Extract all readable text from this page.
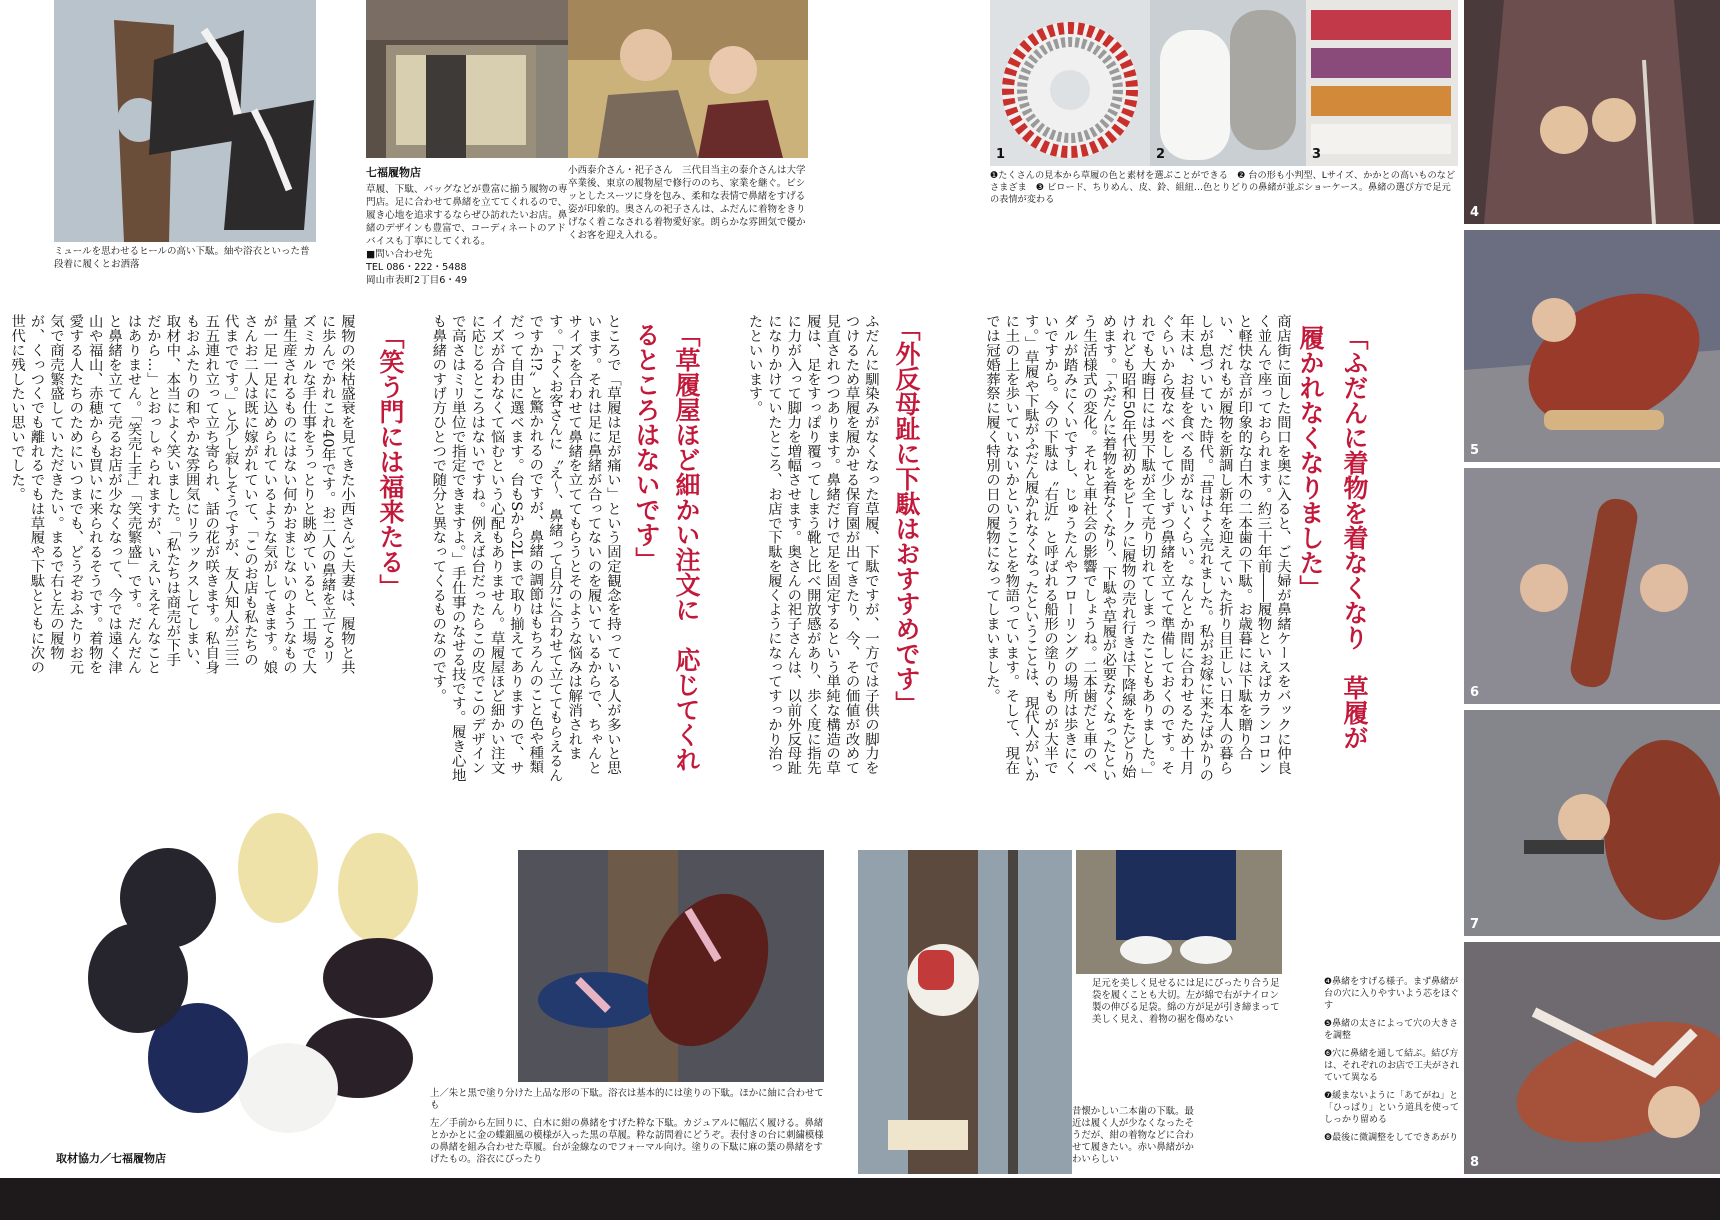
ミュールを思わせるヒールの高い下駄。紬や浴衣といった普段着に履くとお洒落
七福履物店
草履、下駄、バッグなどが豊富に揃う履物の専門店。足に合わせて鼻緒を立ててくれるので、履き心地を追求するならぜひ訪れたいお店。鼻緒のデザインも豊富で、コーディネートのアドバイスも丁寧にしてくれる。
■問い合わせ先
TEL 086・222・5488
岡山市表町2丁目6・49
小西泰介さん・祀子さん　三代目当主の泰介さんは大学卒業後、東京の履物屋で修行ののち、家業を継ぐ。ビシッとしたスーツに身を包み、柔和な表情で鼻緒をすげる姿が印象的。奥さんの祀子さんは、ふだんに着物をきりげなく着こなされる着物愛好家。朗らかな雰囲気で優かくお客を迎え入れる。
1	2	3
❶たくさんの見本から草履の色と素材を選ぶことができる　❷ 台の形も小判型、Lサイズ、かかとの高いものなどさまざま　❸ ビロード、ちりめん、皮、鈴、組紐…色とりどりの鼻緒が並ぶショーケース。鼻緒の選び方で足元の表情が変わる
4
5
6
7
8
❹鼻緒をすげる様子。まず鼻緒が台の穴に入りやすいよう芯をほぐす
❺鼻緒の太さによって穴の大きさを調整
❻穴に鼻緒を通して結ぶ。結び方は、それぞれのお店で工夫がされていて異なる
❼緩まないように「あてがね」と「ひっぱり」という道具を使ってしっかり留める
❽最後に微調整をしてできあがり
「ふだんに着物を着なくなり　草履が履かれなくなりました」
商店街に面した間口を奥に入ると、ご夫婦が鼻緒ケースをバックに仲良く並んで座っておられます。約三十年前――履物といえばカランコロンと軽快な音が印象的な白木の二本歯の下駄。お歳暮には下駄を贈り合い、だれもが履物を新調し新年を迎えていた折り目正しい日本人の暮らしが息づいていた時代。「昔はよく売れました。私がお嫁に来たばかりの年末は、お昼を食べる間がないくらい。なんとか間に合わせるため十月ぐらいから夜なべをして少しずつ鼻緒を立てて準備しておくのです。それでも大晦日には男下駄が全て売り切れてしまったこともありました。」けれども昭和50年代初めをピークに履物の売れ行きは下降線をたどり始めます。「ふだんに着物を着なくなり、下駄や草履が必要なくなったという生活様式の変化。それと車社会の影響でしょうね。二本歯だと車のペダルが踏みにくいですし、じゅうたんやフローリングの場所は歩きにくいですから。今の下駄は〝右近〟と呼ばれる船形の塗りのものが大半です。」草履や下駄がふだん履かれなくなったということは、現代人がいかに土の上を歩いていないかということを物語っています。そして、現在では冠婚葬祭に履く特別の日の履物になってしまいました。
「外反母趾に下駄はおすすめです」
ふだんに馴染みがなくなった草履、下駄ですが、一方では子供の脚力をつけるため草履を履かせる保育園が出てきたり、今、その価値が改めて見直されつつあります。鼻緒だけで足を固定するという単純な構造の草履は、足をすっぽり覆ってしまう靴と比べ開放感があり、歩く度に指先に力が入って脚力を増幅させます。奥さんの祀子さんは、以前外反母趾になりかけていたところ、お店で下駄を履くようになってすっかり治ったといいます。
「草履屋ほど細かい注文に　応じてくれるところはないです」
ところで「草履は足が痛い」という固定観念を持っている人が多いと思います。それは足に鼻緒が合ってないのを履いているからで、ちゃんとサイズを合わせて鼻緒を立ててもらうとそのような悩みは解消されます。「よくお客さんに〝え〜、鼻緒って自分に合わせて立ててもらえるんですか!?〟と驚かれるのですが、鼻緒の調節はもちろんのこと色や種類だって自由に選べます。台もSから2Lまで取り揃えてありますので、サイズが合わなくて悩むという心配もありません。草履屋ほど細かい注文に応じるところはないですね。例えば台だったらこの皮でこのデザインで高さはミリ単位で指定できますよ。」手仕事のなせる技です。履き心地も鼻緒のすげ方ひとつで随分と異なってくるものなのです。
「笑う門には福来たる」
履物の栄枯盛衰を見てきた小西さんご夫妻は、履物と共に歩んでかれこれ40年です。お二人の鼻緒を立てるリズミカルな手仕事をうっとりと眺めていると、工場で大量生産されるものにはない何かおまじないのようなものが一足一足に込められているような気がしてきます。娘さんお二人は既に嫁がれていて、「このお店も私たちの代までです。」と少し寂しそうですが、友人知人が三三五五連れ立って立ち寄られ、話の花が咲きます。私自身もおふたりの和やかな雰囲気にリラックスしてしまい、取材中、本当によく笑いました。「私たちは商売が下手だから…」とおっしゃられますが、いえいえそんなことはありません。「笑売上手」「笑売繁盛」です。だんだんと鼻緒を立てて売るお店が少なくなって、今では遠く津山や福山、赤穂からも買いに来られるそうです。着物を愛する人たちのためにいつまでも、どうぞおふたりお元気で商売繁盛していただきたい。まるで右と左の履物が、くっつくでも離れるでもは草履や下駄とともに次の世代に残したい思いでした。
取材協力／七福履物店
上／朱と黒で塗り分けた上品な形の下駄。浴衣は基本的には塗りの下駄。ほかに紬に合わせても
左／手前から左回りに、白木に紺の鼻緒をすげた粋な下駄。カジュアルに幅広く履ける。鼻緒とかかとに金の蝶鈿風の模様が入った黒の草履。粋な訪問着にどうぞ。表付きの台に刺繍模様の鼻緒を組み合わせた草履。台が金線なのでフォーマル向け。塗りの下駄に麻の葉の鼻緒をすげたもの。浴衣にぴったり
足元を美しく見せるには足にぴったり合う足袋を履くことも大切。左が綿で右がナイロン製の伸びる足袋。綿の方が足が引き締まって美しく見え、着物の裾を傷めない
昔懐かしい二本歯の下駄。最近は履く人が少なくなったそうだが、紺の着物などに合わせて履きたい。赤い鼻緒がかわいらしい
